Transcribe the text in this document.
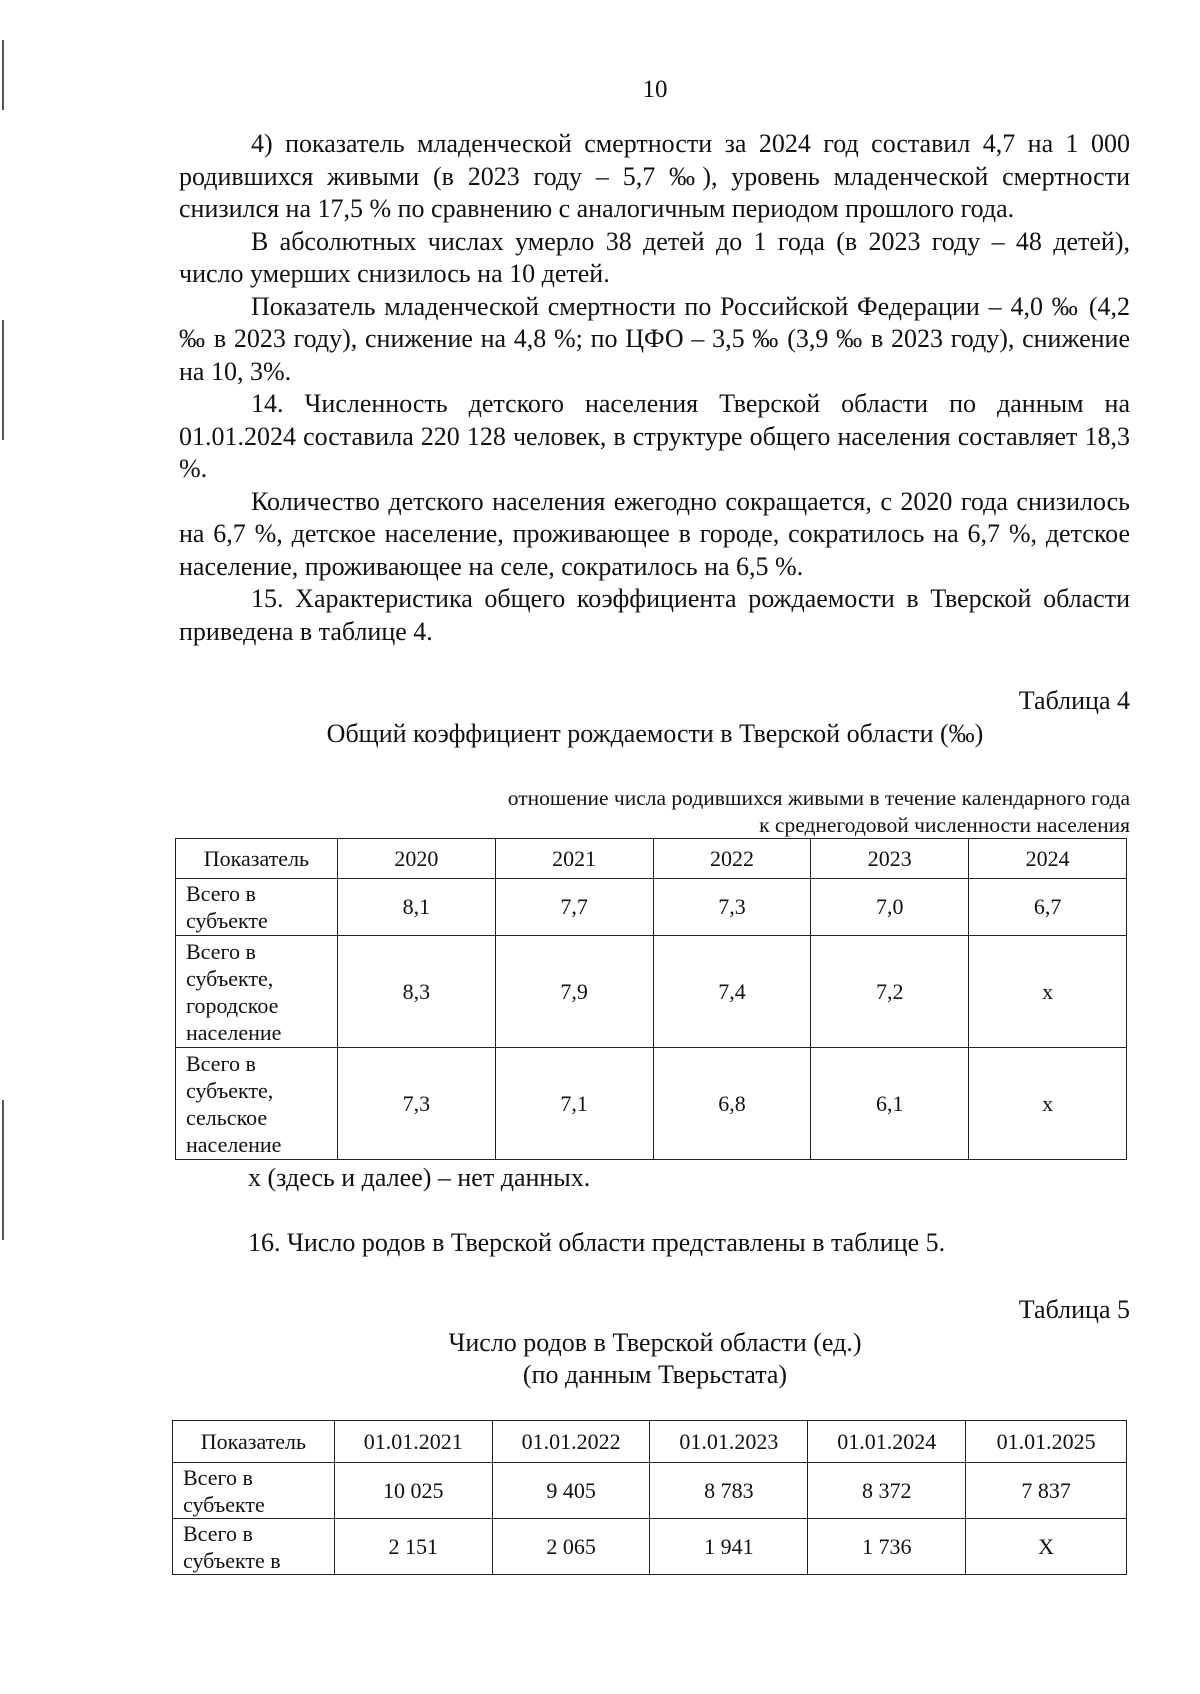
10

4) показатель младенческой смертности за 2024 год составил 4,7 на 1 000 родившихся живыми (в 2023 году – 5,7 ‰), уровень младенческой смертности снизился на 17,5 % по сравнению с аналогичным периодом прошлого года.

В абсолютных числах умерло 38 детей до 1 года (в 2023 году – 48 детей), число умерших снизилось на 10 детей.

Показатель младенческой смертности по Российской Федерации – 4,0 ‰ (4,2 ‰ в 2023 году), снижение на 4,8 %; по ЦФО – 3,5 ‰ (3,9 ‰ в 2023 году), снижение на 10, 3%.

14. Численность детского населения Тверской области по данным на 01.01.2024 составила 220 128 человек, в структуре общего населения составляет 18,3 %.

Количество детского населения ежегодно сокращается, с 2020 года снизилось на 6,7 %, детское население, проживающее в городе, сократилось на 6,7 %, детское население, проживающее на селе, сократилось на 6,5 %.

15. Характеристика общего коэффициента рождаемости в Тверской области приведена в таблице 4.

Таблица 4
Общий коэффициент рождаемости в Тверской области (‰)
отношение числа родившихся живыми в течение календарного года
к среднегодовой численности населения
Показатель	2020	2021	2022	2023	2024
Всего в субъекте	8,1	7,7	7,3	7,0	6,7
Всего в субъекте, городское население	8,3	7,9	7,4	7,2	x
Всего в субъекте, сельское население	7,3	7,1	6,8	6,1	x
х (здесь и далее) – нет данных.
16. Число родов в Тверской области представлены в таблице 5.
Таблица 5
Число родов в Тверской области (ед.)
(по данным Тверьстата)
Показатель	01.01.2021	01.01.2022	01.01.2023	01.01.2024	01.01.2025
Всего в субъекте	10 025	9 405	8 783	8 372	7 837
Всего в субъекте в	2 151	2 065	1 941	1 736	Х
